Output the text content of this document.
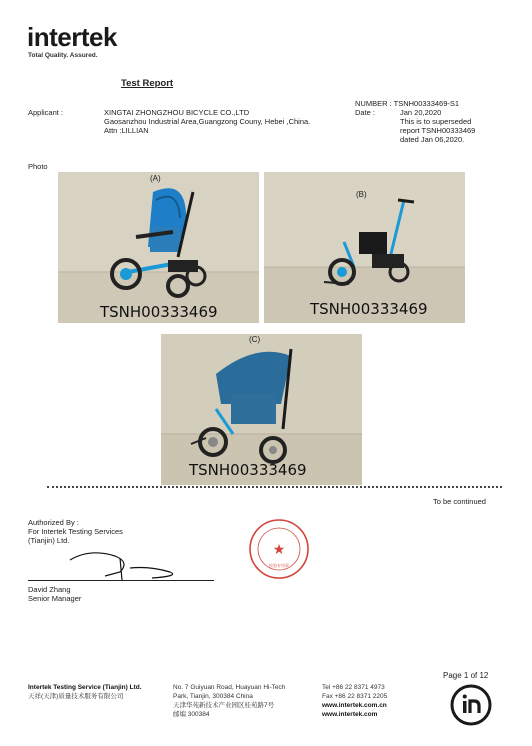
intertek
Total Quality. Assured.
Test Report
NUMBER : TSNH00333469-S1
Date :	Jan 20,2020
This is to superseded
report TSNH00333469
dated Jan 06,2020.
Applicant :	XINGTAI ZHONGZHOU BICYCLE CO.,LTD
Gaosanzhou Industrial Area,Guangzong Couny, Hebei ,China.
Attn :LILLIAN
Photo
(A)
TSNH00333469
(B)
TSNH00333469
(C)
TSNH00333469
To be continued
Authorized By :
For Intertek Testing Services
(Tianjin) Ltd.
David Zhang
Senior Manager
★
检验专用章
Intertek Testing Service (Tianjin) Ltd.
天祥(天津)质量技术服务有限公司
No. 7 Guiyuan Road, Huayuan Hi-Tech
Park, Tianjin, 300384 China
天津华苑新技术产业园区桂苑路7号
邮编 300384
Tel +86 22 8371 4973
Fax +86 22 8371 2205
www.intertek.com.cn
www.intertek.com
Page 1 of 12
